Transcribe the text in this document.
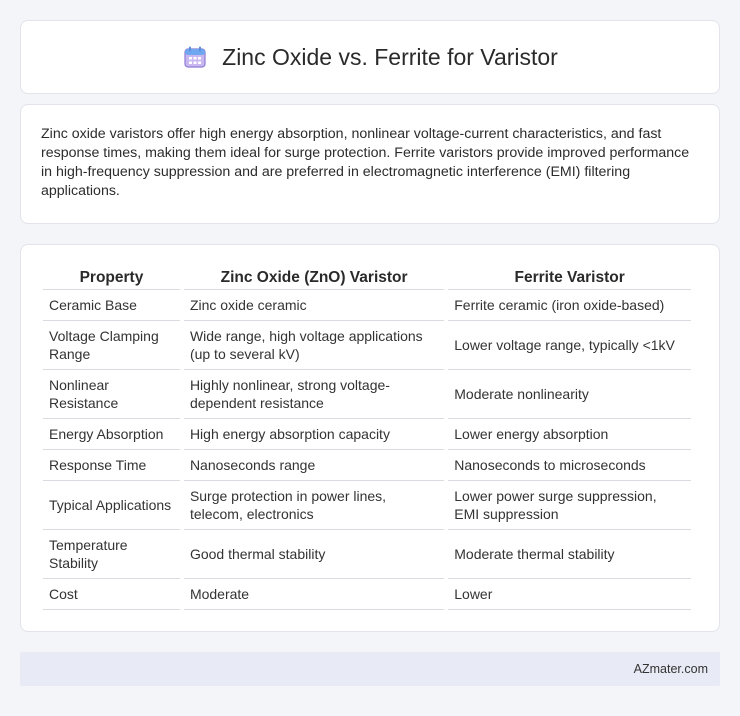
Zinc Oxide vs. Ferrite for Varistor

Zinc oxide varistors offer high energy absorption, nonlinear voltage-current characteristics, and fast response times, making them ideal for surge protection. Ferrite varistors provide improved performance in high-frequency suppression and are preferred in electromagnetic interference (EMI) filtering applications.

Property	Zinc Oxide (ZnO) Varistor	Ferrite Varistor
Ceramic Base	Zinc oxide ceramic	Ferrite ceramic (iron oxide-based)
Voltage Clamping Range	Wide range, high voltage applications (up to several kV)	Lower voltage range, typically <1kV
Nonlinear Resistance	Highly nonlinear, strong voltage-dependent resistance	Moderate nonlinearity
Energy Absorption	High energy absorption capacity	Lower energy absorption
Response Time	Nanoseconds range	Nanoseconds to microseconds
Typical Applications	Surge protection in power lines, telecom, electronics	Lower power surge suppression, EMI suppression
Temperature Stability	Good thermal stability	Moderate thermal stability
Cost	Moderate	Lower
AZmater.com
